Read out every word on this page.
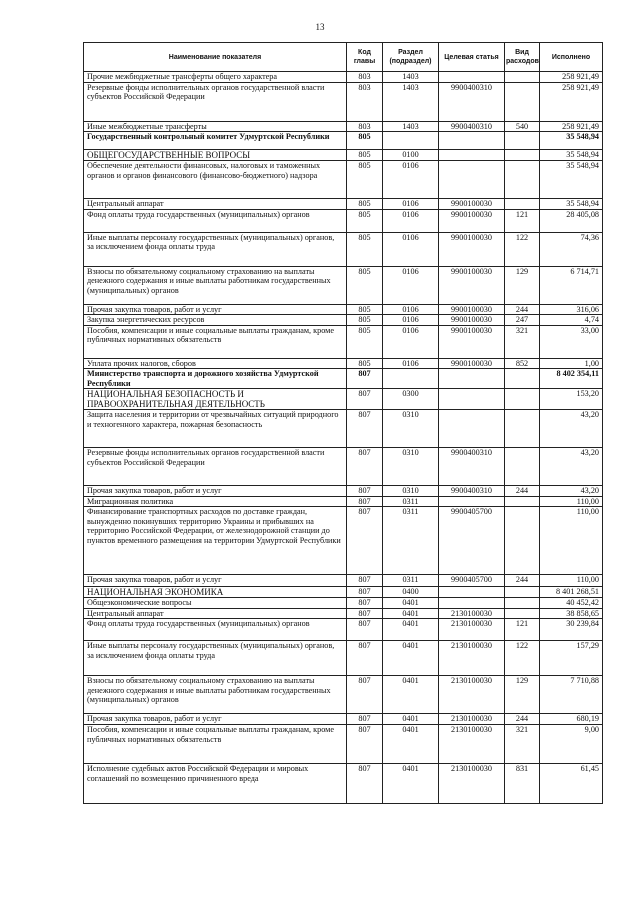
13
Наименование показателя	Код главы	Раздел (подраздел)	Целевая статья	Вид расходов	Исполнено
Прочие межбюджетные трансферты общего характера	803	1403			258 921,49
Резервные фонды исполнительных органов государственной власти субъектов Российской Федерации	803	1403	9900400310		258 921,49
Иные межбюджетные трансферты	803	1403	9900400310	540	258 921,49
Государственный контрольный комитет Удмуртской Республики	805				35 548,94
ОБЩЕГОСУДАРСТВЕННЫЕ ВОПРОСЫ	805	0100			35 548,94
Обеспечение деятельности финансовых, налоговых и таможенных органов и органов финансового (финансово-бюджетного) надзора	805	0106			35 548,94
Центральный аппарат	805	0106	9900100030		35 548,94
Фонд оплаты труда государственных (муниципальных) органов	805	0106	9900100030	121	28 405,08
Иные выплаты персоналу государственных (муниципальных) органов, за исключением фонда оплаты труда	805	0106	9900100030	122	74,36
Взносы по обязательному социальному страхованию на выплаты денежного содержания и иные выплаты работникам государственных (муниципальных) органов	805	0106	9900100030	129	6 714,71
Прочая закупка товаров, работ и услуг	805	0106	9900100030	244	316,06
Закупка энергетических ресурсов	805	0106	9900100030	247	4,74
Пособия, компенсации и иные социальные выплаты гражданам, кроме публичных нормативных обязательств	805	0106	9900100030	321	33,00
Уплата прочих налогов, сборов	805	0106	9900100030	852	1,00
Министерство транспорта и дорожного хозяйства Удмуртской Республики	807				8 402 354,11
НАЦИОНАЛЬНАЯ БЕЗОПАСНОСТЬ И ПРАВООХРАНИТЕЛЬНАЯ ДЕЯТЕЛЬНОСТЬ	807	0300			153,20
Защита населения и территории от чрезвычайных ситуаций природного и техногенного характера, пожарная безопасность	807	0310			43,20
Резервные фонды исполнительных органов государственной власти субъектов Российской Федерации	807	0310	9900400310		43,20
Прочая закупка товаров, работ и услуг	807	0310	9900400310	244	43,20
Миграционная политика	807	0311			110,00
Финансирование транспортных расходов по доставке граждан, вынужденно покинувших территорию Украины и прибывших на территорию Российской Федерации, от железнодорожной станции до пунктов временного размещения на территории Удмуртской Республики	807	0311	9900405700		110,00
Прочая закупка товаров, работ и услуг	807	0311	9900405700	244	110,00
НАЦИОНАЛЬНАЯ ЭКОНОМИКА	807	0400			8 401 268,51
Общеэкономические вопросы	807	0401			40 452,42
Центральный аппарат	807	0401	2130100030		38 858,65
Фонд оплаты труда государственных (муниципальных) органов	807	0401	2130100030	121	30 239,84
Иные выплаты персоналу государственных (муниципальных) органов, за исключением фонда оплаты труда	807	0401	2130100030	122	157,29
Взносы по обязательному социальному страхованию на выплаты денежного содержания и иные выплаты работникам государственных (муниципальных) органов	807	0401	2130100030	129	7 710,88
Прочая закупка товаров, работ и услуг	807	0401	2130100030	244	680,19
Пособия, компенсации и иные социальные выплаты гражданам, кроме публичных нормативных обязательств	807	0401	2130100030	321	9,00
Исполнение судебных актов Российской Федерации и мировых соглашений по возмещению причиненного вреда	807	0401	2130100030	831	61,45
